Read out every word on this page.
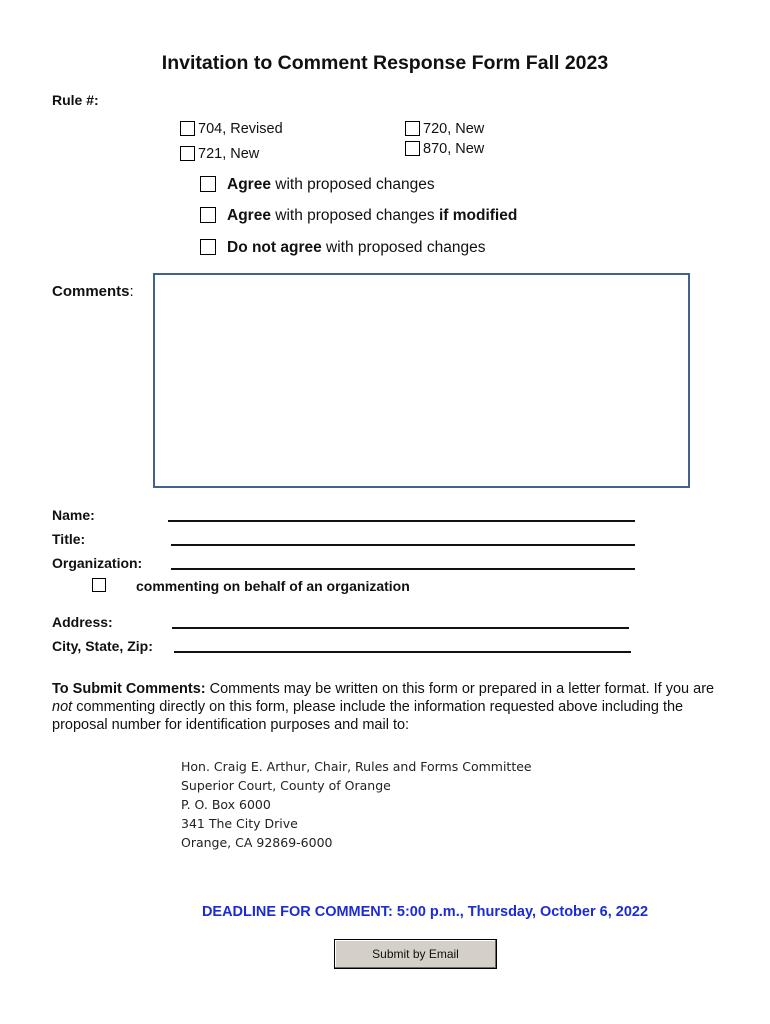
Invitation to Comment Response Form Fall 2023
Rule #:
704, Revised
721, New
720, New
870, New
Agree with proposed changes
Agree with proposed changes if modified
Do not agree with proposed changes
Comments:
Name:
Title:
Organization:
commenting on behalf of an organization
Address:
City, State, Zip:
To Submit Comments: Comments may be written on this form or prepared in a letter format. If you are not commenting directly on this form, please include the information requested above including the proposal number for identification purposes and mail to:
Hon. Craig E. Arthur, Chair, Rules and Forms Committee
Superior Court, County of Orange
P. O. Box 6000
341 The City Drive
Orange, CA 92869-6000
DEADLINE FOR COMMENT: 5:00 p.m., Thursday, October 6, 2022
Submit by Email
